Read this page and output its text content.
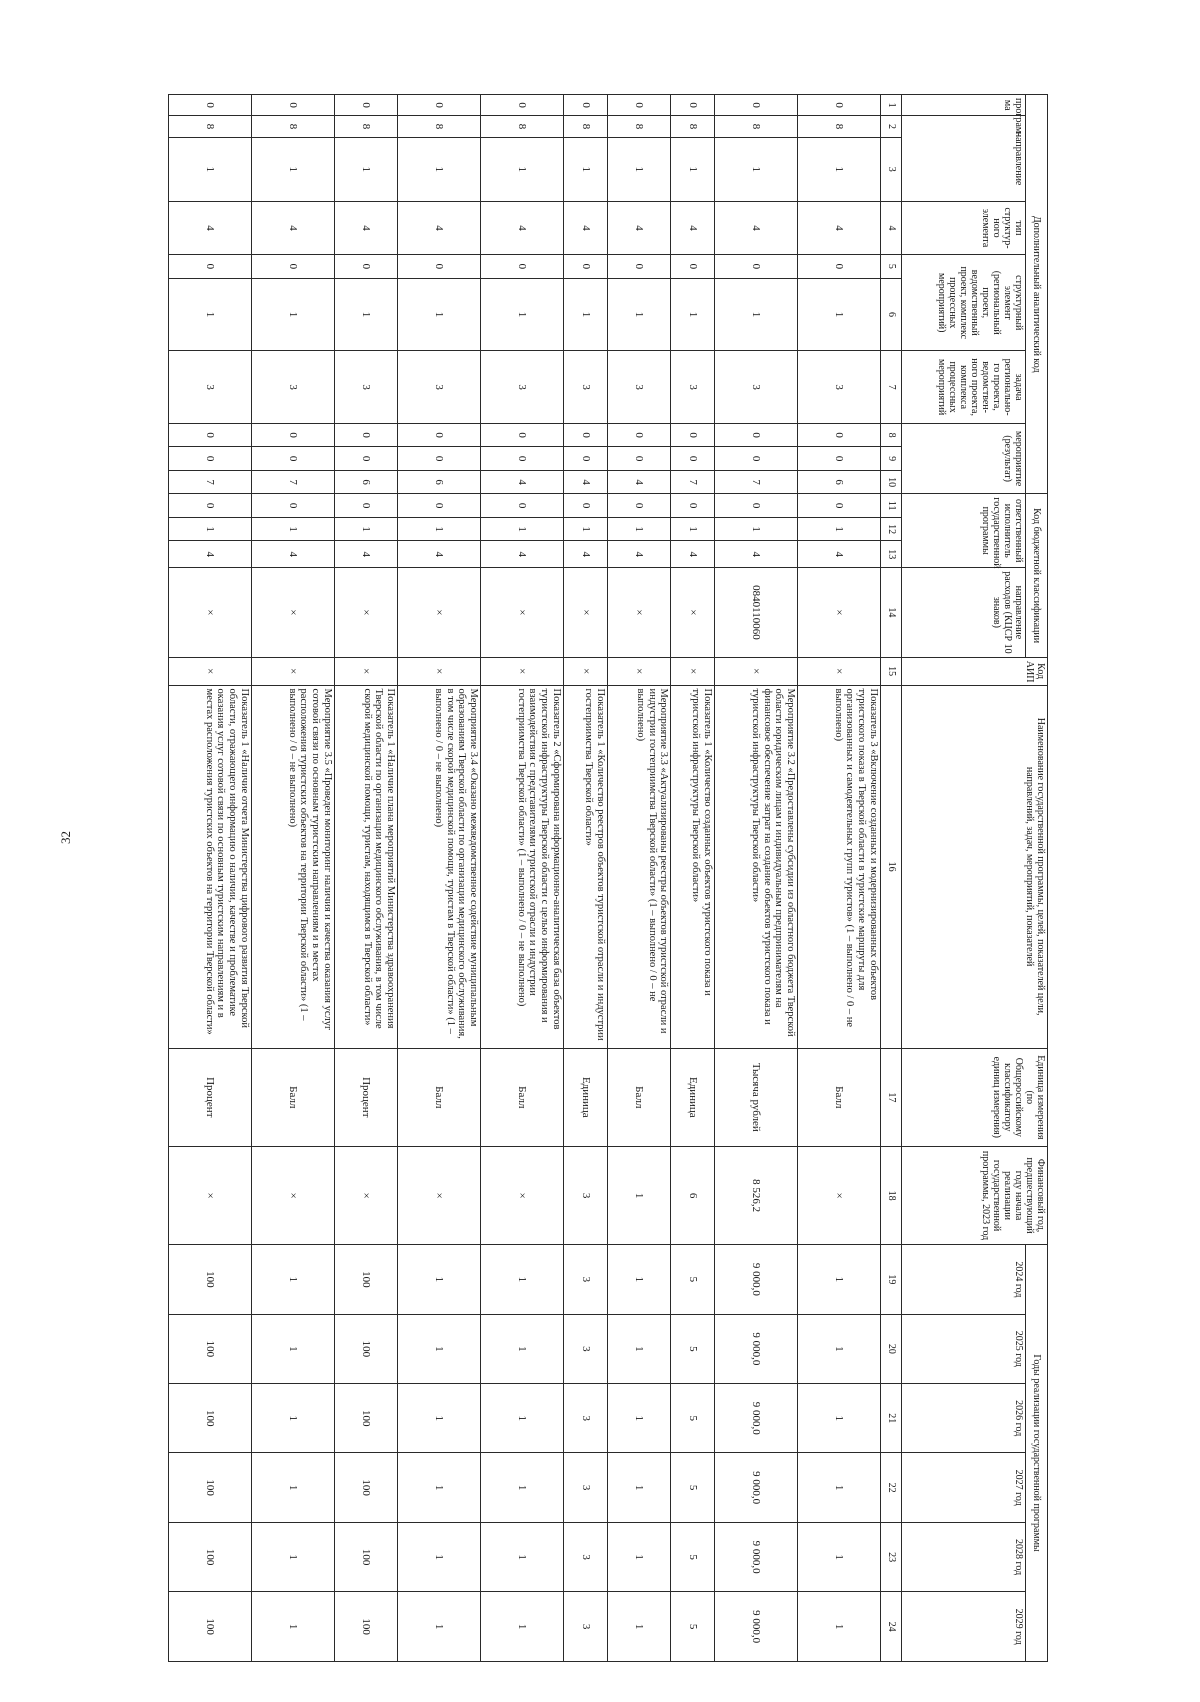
32
Дополнительный аналитический код										Код бюджетной классификации				Код АИП	Наименование государственной программы, целей, показателей цели, направлений, задач, мероприятий, показателей	Единица измерения (по Общероссийскому классификатору единиц измерения)	Финансовый год, предшествующий году начала реализации государственной программы, 2023 год	Годы реализации государственной программы					
програм-ма	направление		тип структур-ного элемента	структурный элемент (региональный проект, ведомственный проект, комплекс процессных мероприятий)		задача регионально-го проекта, ведомствен-ного проекта, комплекса процессных мероприятий	мероприятие (результат)			ответственный исполнитель государственной программы			направление расходов (КЦСР 10 знаков)					2024 год	2025 год	2026 год	2027 год	2028 год	2029 год

1	2	3	4	5	6	7	8	9	10	11	12	13	14	15	16	17	18	19	20	21	22	23	24
0	8	1	4	0	1	3	0	0	6	0	1	4	×	×	Показатель 3 «Включение созданных и модернизированных объектов туристского показа в Тверской области в туристские маршруты для организованных и самодеятельных групп туристов» (1 – выполнено / 0 – не выполнено)	Балл	×	1	1	1	1	1	1
0	8	1	4	0	1	3	0	0	7	0	1	4	0840110060	×	Мероприятие 3.2 «Предоставлены субсидии из областного бюджета Тверской области юридическим лицам и индивидуальным предпринимателям на финансовое обеспечение затрат на создание объектов туристского показа и туристской инфраструктуры Тверской области»	Тысяча рублей	8 526,2	9 000,0	9 000,0	9 000,0	9 000,0	9 000,0	9 000,0
0	8	1	4	0	1	3	0	0	7	0	1	4	×	×	Показатель 1 «Количество созданных объектов туристского показа и туристской инфраструктуры Тверской области»	Единица	6	5	5	5	5	5	5
0	8	1	4	0	1	3	0	0	4	0	1	4	×	×	Мероприятие 3.3 «Актуализированы реестры объектов туристской отрасли и индустрии гостеприимства Тверской области» (1 – выполнено / 0 – не выполнено)	Балл	1	1	1	1	1	1	1
0	8	1	4	0	1	3	0	0	4	0	1	4	×	×	Показатель 1 «Количество реестров объектов туристской отрасли и индустрии гостеприимства Тверской области»	Единица	3	3	3	3	3	3	3
0	8	1	4	0	1	3	0	0	4	0	1	4	×	×	Показатель 2 «Сформирована информационно-аналитическая база объектов туристской инфраструктуры Тверской области с целью информирования и взаимодействия с представителями туристской отрасли и индустрии гостеприимства Тверской области» (1 – выполнено / 0 – не выполнено)	Балл	×	1	1	1	1	1	1
0	8	1	4	0	1	3	0	0	6	0	1	4	×	×	Мероприятие 3.4 «Оказано межведомственное содействие муниципальным образованиям Тверской области по организации медицинского обслуживания, в том числе скорой медицинской помощи, туристам в Тверской области» (1 – выполнено / 0 – не выполнено)	Балл	×	1	1	1	1	1	1
0	8	1	4	0	1	3	0	0	6	0	1	4	×	×	Показатель 1 «Наличие плана мероприятий Министерства здравоохранения Тверской области по организации медицинского обслуживания, в том числе скорой медицинской помощи, туристам, находящимся в Тверской области»	Процент	×	100	100	100	100	100	100
0	8	1	4	0	1	3	0	0	7	0	1	4	×	×	Мероприятие 3.5 «Проведен мониторинг наличия и качества оказания услуг сотовой связи по основным туристским направлениям и в местах расположения туристских объектов на территории Тверской области» (1 – выполнено / 0 – не выполнено)	Балл	×	1	1	1	1	1	1
0	8	1	4	0	1	3	0	0	7	0	1	4	×	×	Показатель 1 «Наличие отчета Министерства цифрового развития Тверской области, отражающего информацию о наличии, качестве и проблематике оказания услуг сотовой связи по основным туристским направлениям и в местах расположения туристских объектов на территории Тверской области»	Процент	×	100	100	100	100	100	100
